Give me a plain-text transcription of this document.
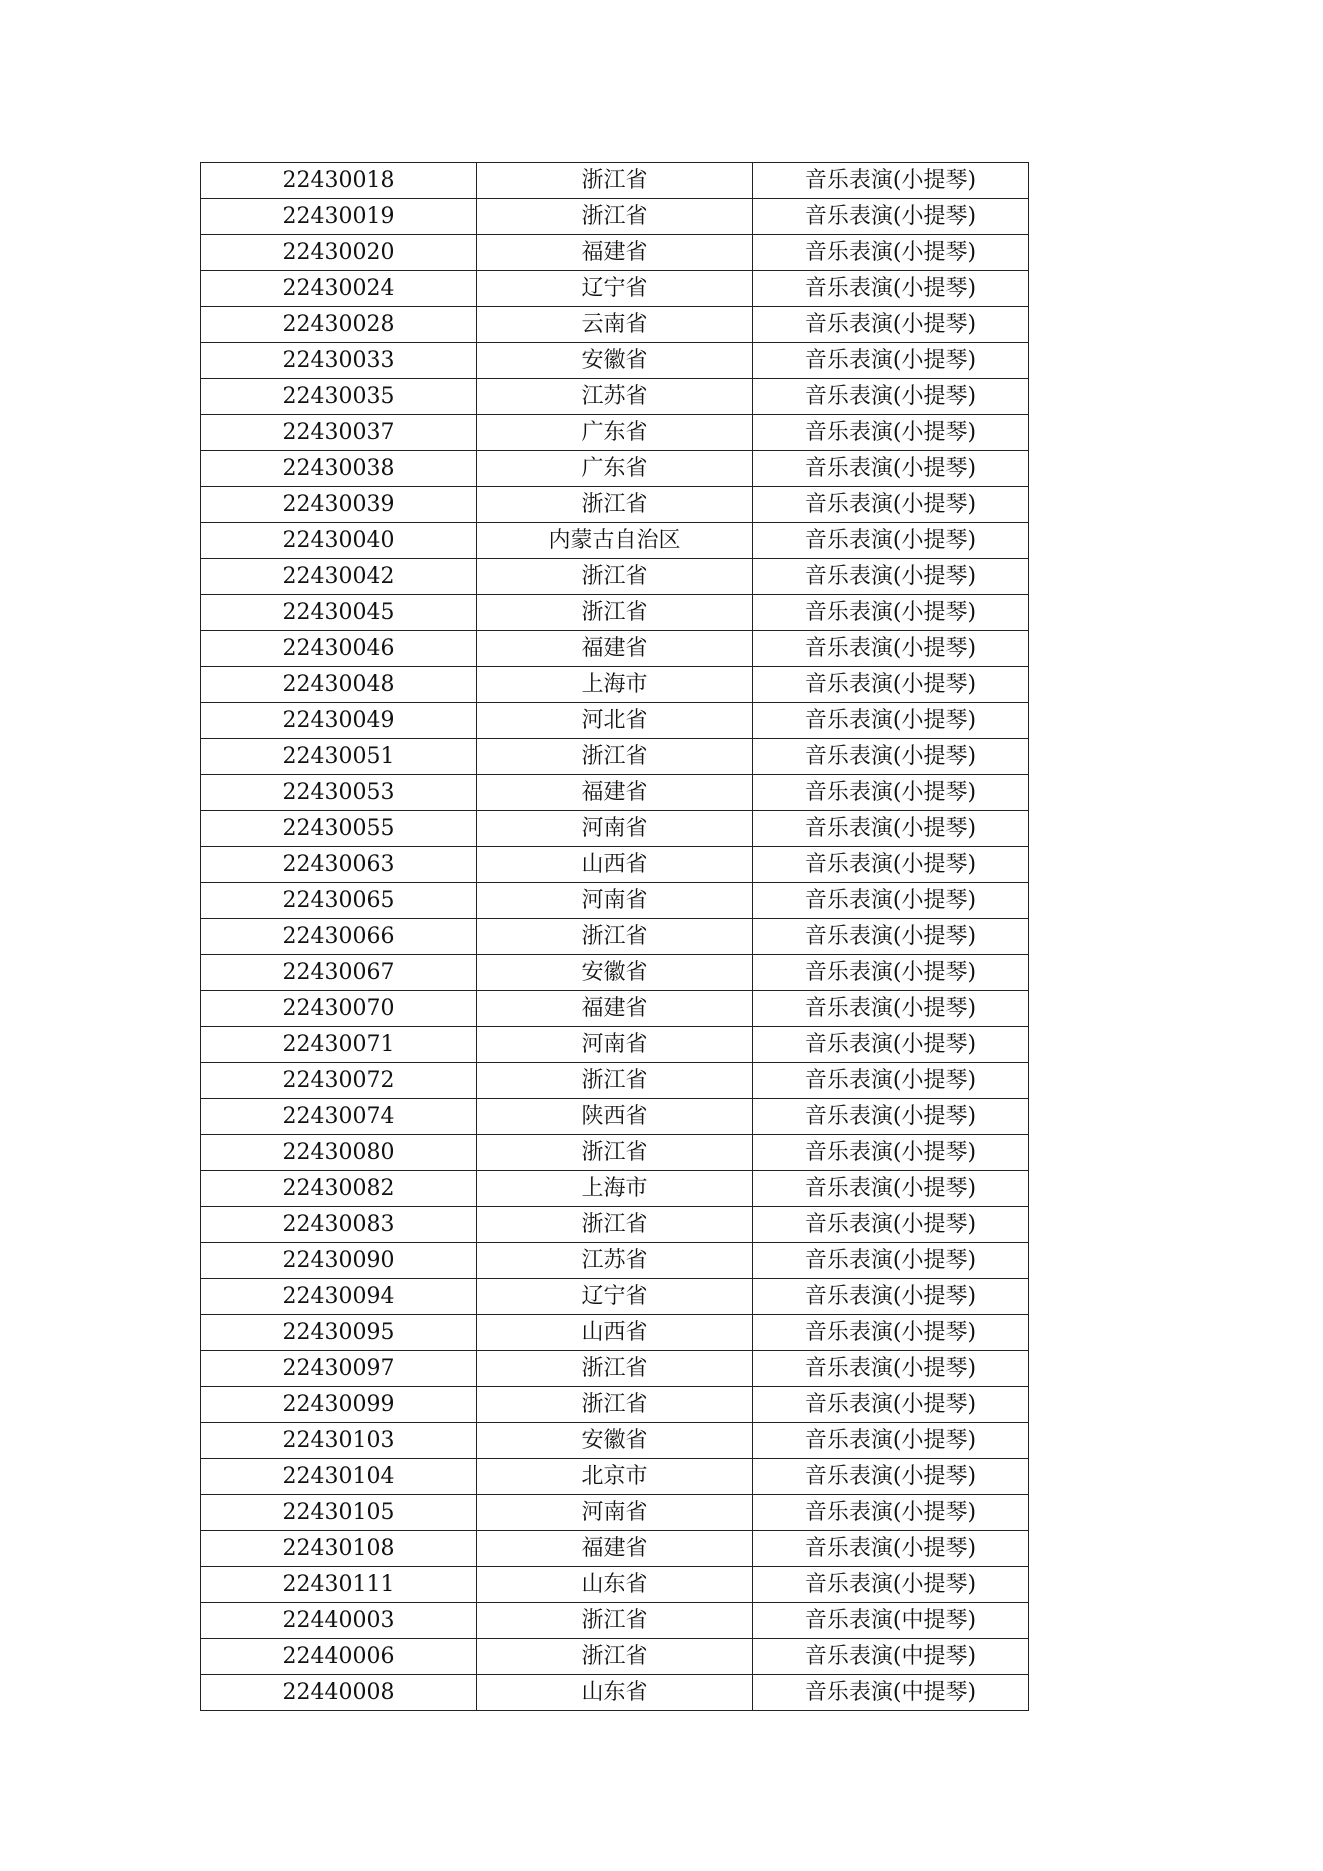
22430018	浙江省	音乐表演(小提琴)
22430019	浙江省	音乐表演(小提琴)
22430020	福建省	音乐表演(小提琴)
22430024	辽宁省	音乐表演(小提琴)
22430028	云南省	音乐表演(小提琴)
22430033	安徽省	音乐表演(小提琴)
22430035	江苏省	音乐表演(小提琴)
22430037	广东省	音乐表演(小提琴)
22430038	广东省	音乐表演(小提琴)
22430039	浙江省	音乐表演(小提琴)
22430040	内蒙古自治区	音乐表演(小提琴)
22430042	浙江省	音乐表演(小提琴)
22430045	浙江省	音乐表演(小提琴)
22430046	福建省	音乐表演(小提琴)
22430048	上海市	音乐表演(小提琴)
22430049	河北省	音乐表演(小提琴)
22430051	浙江省	音乐表演(小提琴)
22430053	福建省	音乐表演(小提琴)
22430055	河南省	音乐表演(小提琴)
22430063	山西省	音乐表演(小提琴)
22430065	河南省	音乐表演(小提琴)
22430066	浙江省	音乐表演(小提琴)
22430067	安徽省	音乐表演(小提琴)
22430070	福建省	音乐表演(小提琴)
22430071	河南省	音乐表演(小提琴)
22430072	浙江省	音乐表演(小提琴)
22430074	陕西省	音乐表演(小提琴)
22430080	浙江省	音乐表演(小提琴)
22430082	上海市	音乐表演(小提琴)
22430083	浙江省	音乐表演(小提琴)
22430090	江苏省	音乐表演(小提琴)
22430094	辽宁省	音乐表演(小提琴)
22430095	山西省	音乐表演(小提琴)
22430097	浙江省	音乐表演(小提琴)
22430099	浙江省	音乐表演(小提琴)
22430103	安徽省	音乐表演(小提琴)
22430104	北京市	音乐表演(小提琴)
22430105	河南省	音乐表演(小提琴)
22430108	福建省	音乐表演(小提琴)
22430111	山东省	音乐表演(小提琴)
22440003	浙江省	音乐表演(中提琴)
22440006	浙江省	音乐表演(中提琴)
22440008	山东省	音乐表演(中提琴)
